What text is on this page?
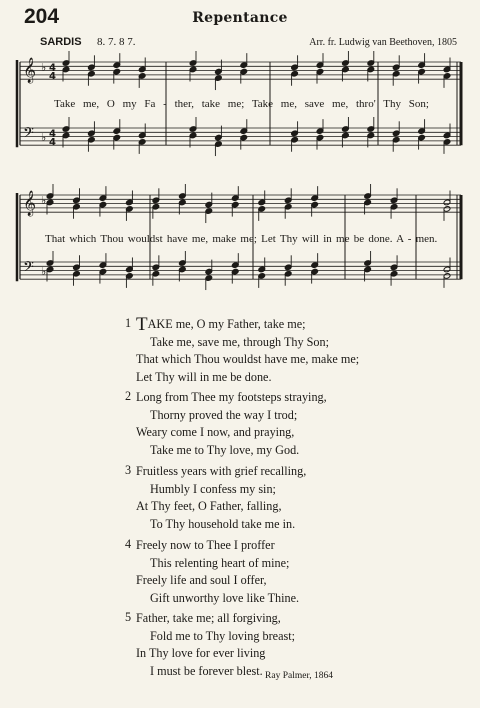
204	Repentance
SARDIS 8. 7. 8 7.	Arr. fr. Ludwig van Beethoven, 1805
𝄞
𝄢
♭
♭
4
4
4
4
𝄞
𝄢
♭
♭
Take me, O my Fa - ther, take me; Take me, save me, thro' Thy Son;
That which Thou wouldst have me, make me; Let Thy will in me be done. A - men.
1 TAKE me, O my Father, take me;
Take me, save me, through Thy Son;
That which Thou wouldst have me, make me;
Let Thy will in me be done.
2 Long from Thee my footsteps straying,
Thorny proved the way I trod;
Weary come I now, and praying,
Take me to Thy love, my God.
3 Fruitless years with grief recalling,
Humbly I confess my sin;
At Thy feet, O Father, falling,
To Thy household take me in.
4 Freely now to Thee I proffer
This relenting heart of mine;
Freely life and soul I offer,
Gift unworthy love like Thine.
5 Father, take me; all forgiving,
Fold me to Thy loving breast;
In Thy love for ever living
I must be forever blest. Ray Palmer, 1864
